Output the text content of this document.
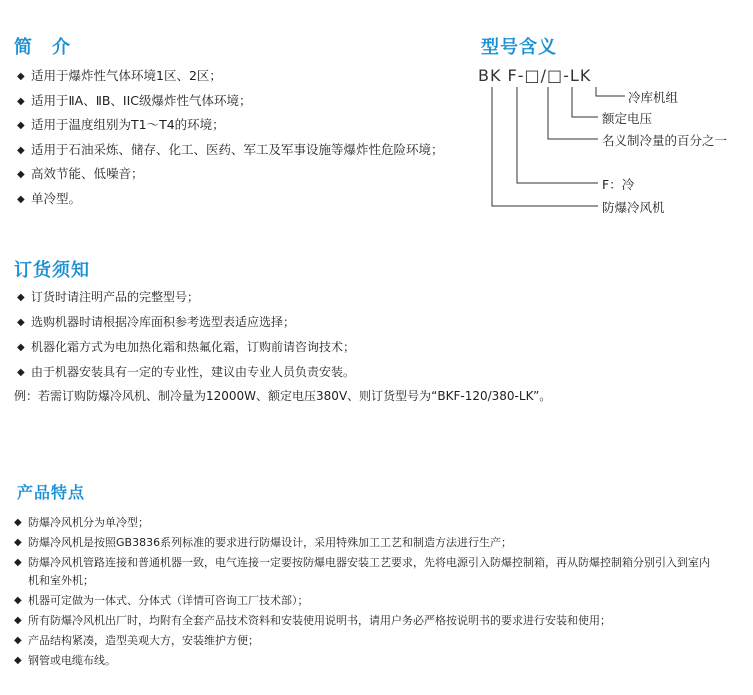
简　介
◆ 适用于爆炸性气体环境1区、2区；
◆ 适用于ⅡA、ⅡB、IIC级爆炸性气体环境；
◆ 适用于温度组别为T1～T4的环境；
◆ 适用于石油采炼、储存、化工、医药、军工及军事设施等爆炸性危险环境；
◆ 高效节能、低噪音；
◆ 单冷型。
型号含义
BK F-□/□-LK
冷库机组
额定电压
名义制冷量的百分之一
F：冷
防爆冷风机
订货须知
◆ 订货时请注明产品的完整型号；
◆ 选购机器时请根据冷库面积参考选型表适应选择；
◆ 机器化霜方式为电加热化霜和热氟化霜，订购前请咨询技术；
◆ 由于机器安装具有一定的专业性，建议由专业人员负责安装。
例：若需订购防爆冷风机、制冷量为12000W、额定电压380V、则订货型号为“BKF-120/380-LK”。
产品特点
◆ 防爆冷风机分为单冷型；
◆ 防爆冷风机是按照GB3836系列标准的要求进行防爆设计，采用特殊加工工艺和制造方法进行生产；
◆ 防爆冷风机管路连接和普通机器一致，电气连接一定要按防爆电器安装工艺要求，先将电源引入防爆控制箱，再从防爆控制箱分别引入到室内机和室外机；
◆ 机器可定做为一体式、分体式（详情可咨询工厂技术部）；
◆ 所有防爆冷风机出厂时，均附有全套产品技术资料和安装使用说明书，请用户务必严格按说明书的要求进行安装和使用；
◆ 产品结构紧凑，造型美观大方，安装维护方便；
◆ 钢管或电缆布线。
